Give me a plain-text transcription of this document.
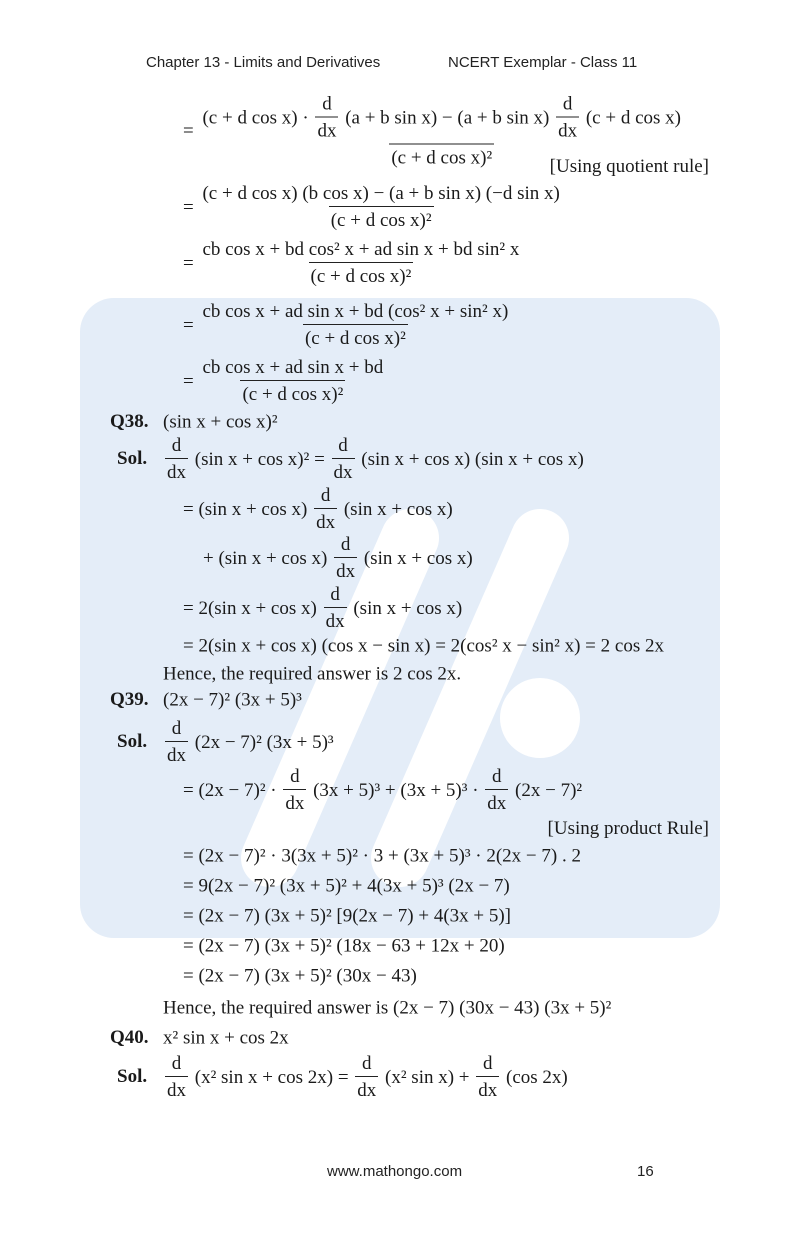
Chapter 13 - Limits and Derivatives	NCERT Exemplar - Class 11
Q38.
Sol.
Q39.
Sol.
Q40.
Sol.
[Using quotient rule]
[Using product Rule]
=
(c + d $\cos x) \cdot \frac{d}{dx} (a + b$ sin x) − (a + b $\sin x) \frac{d}{dx} (c + d$ cos x)
(c + d cos x)²
= $\frac{\text{(c + d cos x) (b cos x) − (a + b sin x) (−d sin x)}}{\text{(c + d cos x)²}}$
= $\frac{\text{cb cos x + bd cos² x + ad sin x + bd sin² x}}{\text{(c + d cos x)²}}$
= $\frac{\text{cb cos x + ad sin x + bd (cos² x + sin² x)}}{\text{(c + d cos x)²}}$
= $\frac{\text{cb cos x + ad sin x + bd}}{\text{(c + d cos x)²}}$
(sin x + cos x)²
$\frac{d}{dx} (\sin$ $x + \cos x)^2 = \frac{d}{dx} (\sin$ x + cos x) (sin x + cos x)
= (sin $x + \cos x) \frac{d}{dx} (\sin$ x + cos x)
+ (sin $x + \cos x) \frac{d}{dx} (\sin$ x + cos x)
= 2(sin $x + \cos x) \frac{d}{dx} (\sin$ x + cos x)
= 2(sin x + cos x) (cos x − sin x) = 2(cos² x − sin² x) = 2 cos 2x
Hence, the required answer is 2 cos 2x.
(2x − 7)² (3x + 5)³
$\frac{d}{dx} (2x - 7)^2$ (3x + 5)³
= $(2x - 7)^2 \cdot \frac{d}{dx} (3x + 5)^3 + (3x + 5)^3 \cdot \frac{d}{dx} (2x - 7)^2$
= (2x − 7)² · 3(3x + 5)² · 3 + (3x + 5)³ · 2(2x − 7) . 2
= 9(2x − 7)² (3x + 5)² + 4(3x + 5)³ (2x − 7)
= (2x − 7) (3x + 5)² [9(2x − 7) + 4(3x + 5)]
= (2x − 7) (3x + 5)² (18x − 63 + 12x + 20)
= (2x − 7) (3x + 5)² (30x − 43)
Hence, the required answer is (2x − 7) (30x − 43) (3x + 5)²
x² sin x + cos 2x
$\frac{d}{dx} (x^2$ $\sin x + \cos 2x) = \frac{d}{dx} (x^2$ $\sin x) + \frac{d}{dx} (\cos$ 2x)
www.mathongo.com	16
